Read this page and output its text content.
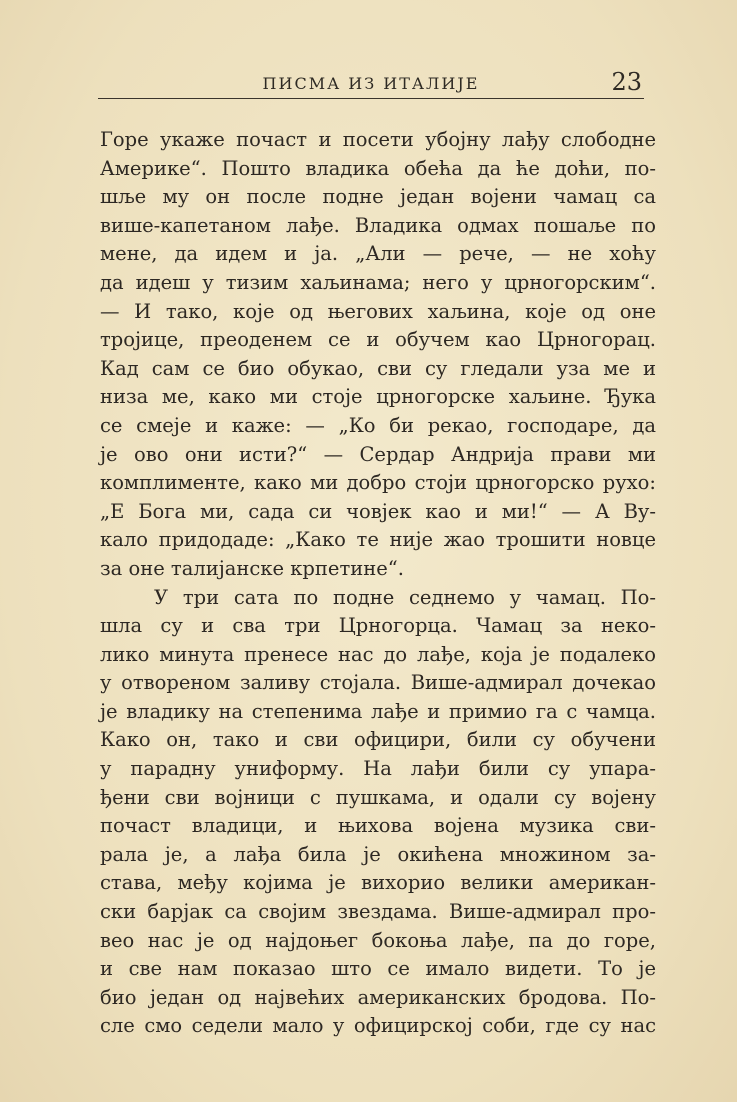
ПИСМА ИЗ ИТАЛИЈЕ	23
Горе укаже почаст и посети убојну лађу слободне
Америке“. Пошто владика обећа да ће доћи, по-
шље му он после подне један војени чамац са
више-капетаном лађе. Владика одмах пошаље по
мене, да идем и ја. „Али — рече, — не хоћу
да идеш у тизим хаљинама; него у црногорским“.
— И тако, које од његових хаљина, које од оне
тројице, преоденем се и обучем као Црногорац.
Кад сам се био обукао, сви су гледали уза ме и
низа ме, како ми стоје црногорске хаљине. Ђука
се смеје и каже: — „Ко би рекао, господаре, да
је ово они исти?“ — Сердар Андрија прави ми
комплименте, како ми добро стоји црногорско рухо:
„Е Бога ми, сада си човјек као и ми!“ — А Ву-
кало придодаде: „Како те није жао трошити новце
за оне талијанске крпетине“.
У три сата по подне седнемо у чамац. По-
шла су и сва три Црногорца. Чамац за неко-
лико минута пренесе нас до лађе, која је подалеко
у отвореном заливу стојала. Више-адмирал дочекао
је владику на степенима лађе и примио га с чамца.
Како он, тако и сви официри, били су обучени
у парадну униформу. На лађи били су упара-
ђени сви војници с пушкама, и одали су војену
почаст владици, и њихова војена музика сви-
рала је, а лађа била је окићена множином за-
става, међу којима је вихорио велики американ-
ски барјак са својим звездама. Више-адмирал про-
вео нас је од најдоњег бокоња лађе, па до горе,
и све нам показао што се имало видети. То је
био један од највећих американских бродова. По-
сле смо седели мало у официрској соби, где су нас
